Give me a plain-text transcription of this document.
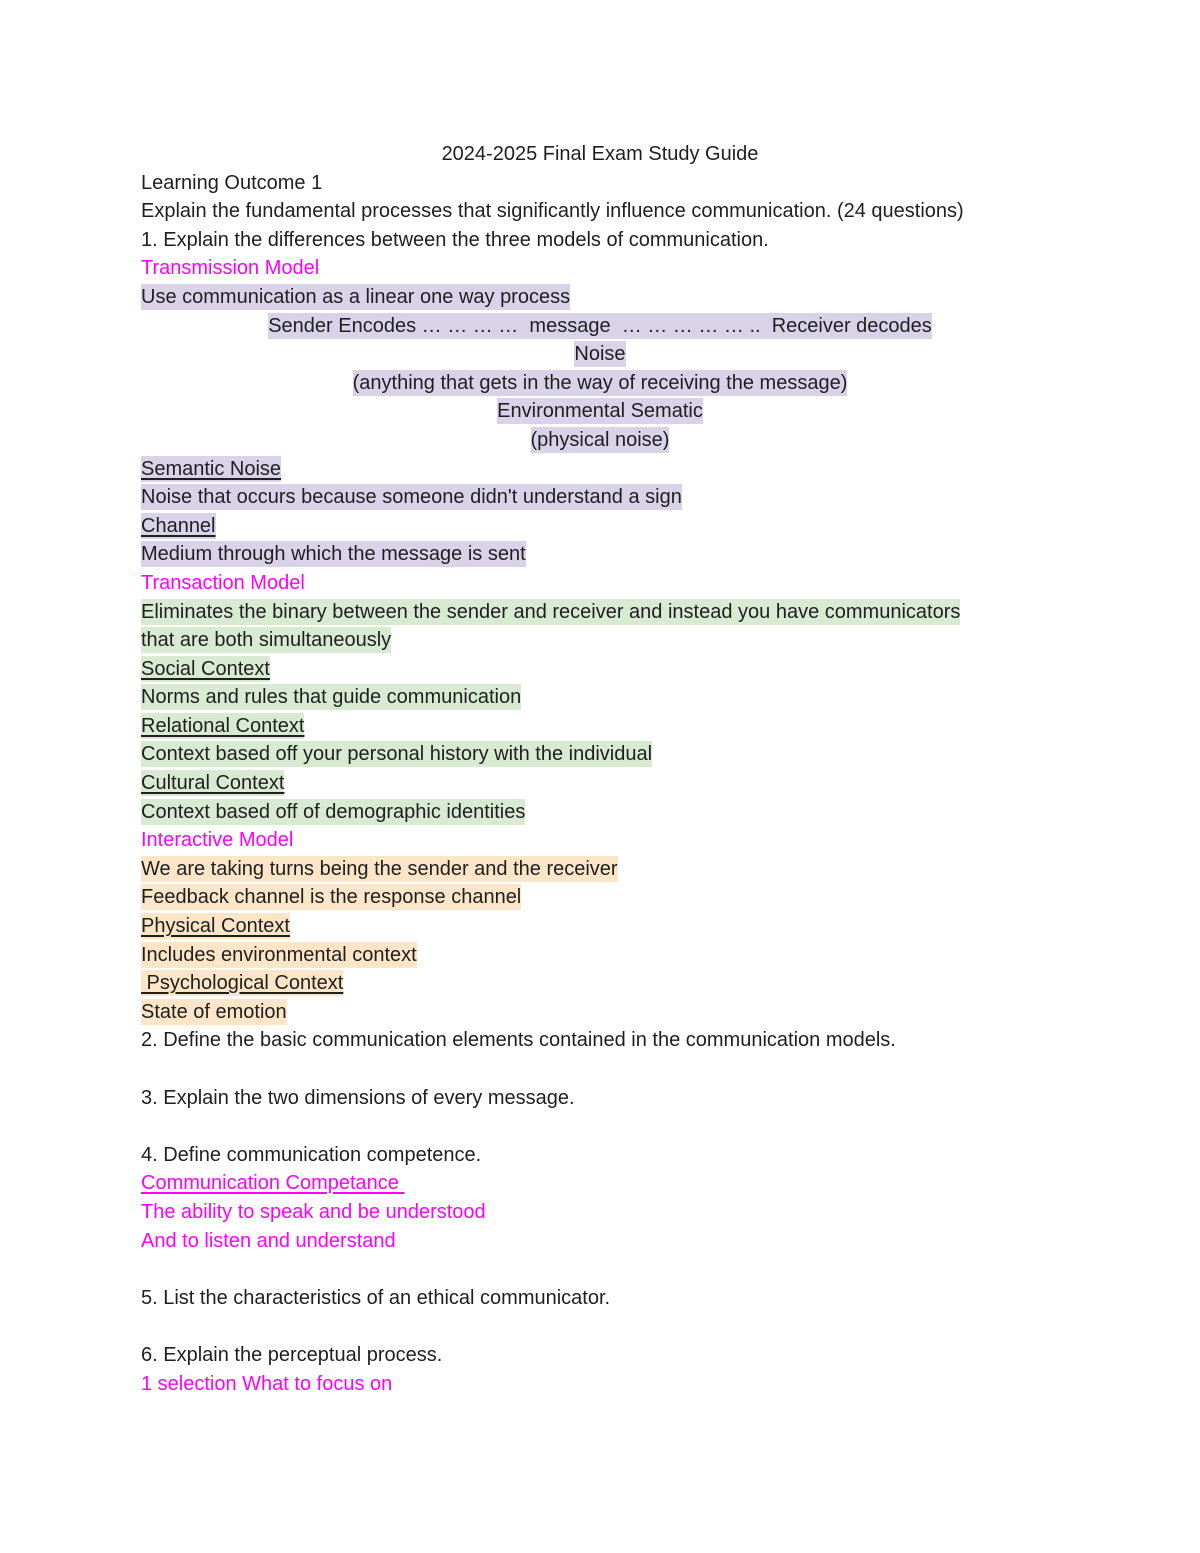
2024-2025 Final Exam Study Guide
Learning Outcome 1
Explain the fundamental processes that significantly influence communication. (24 questions)
1. Explain the differences between the three models of communication.
Transmission Model
Use communication as a linear one way process
Sender Encodes … … … …  message  … … … … … ..  Receiver decodes
Noise
(anything that gets in the way of receiving the message)
Environmental Sematic
(physical noise)
Semantic Noise
Noise that occurs because someone didn't understand a sign
Channel
Medium through which the message is sent
Transaction Model
Eliminates the binary between the sender and receiver and instead you have communicators
that are both simultaneously
Social Context
Norms and rules that guide communication
Relational Context
Context based off your personal history with the individual
Cultural Context
Context based off of demographic identities
Interactive Model
We are taking turns being the sender and the receiver
Feedback channel is the response channel
Physical Context
Includes environmental context
Psychological Context
State of emotion
2. Define the basic communication elements contained in the communication models.
3. Explain the two dimensions of every message.
4. Define communication competence.
Communication Competance
The ability to speak and be understood
And to listen and understand
5. List the characteristics of an ethical communicator.
6. Explain the perceptual process.
1 selection What to focus on
